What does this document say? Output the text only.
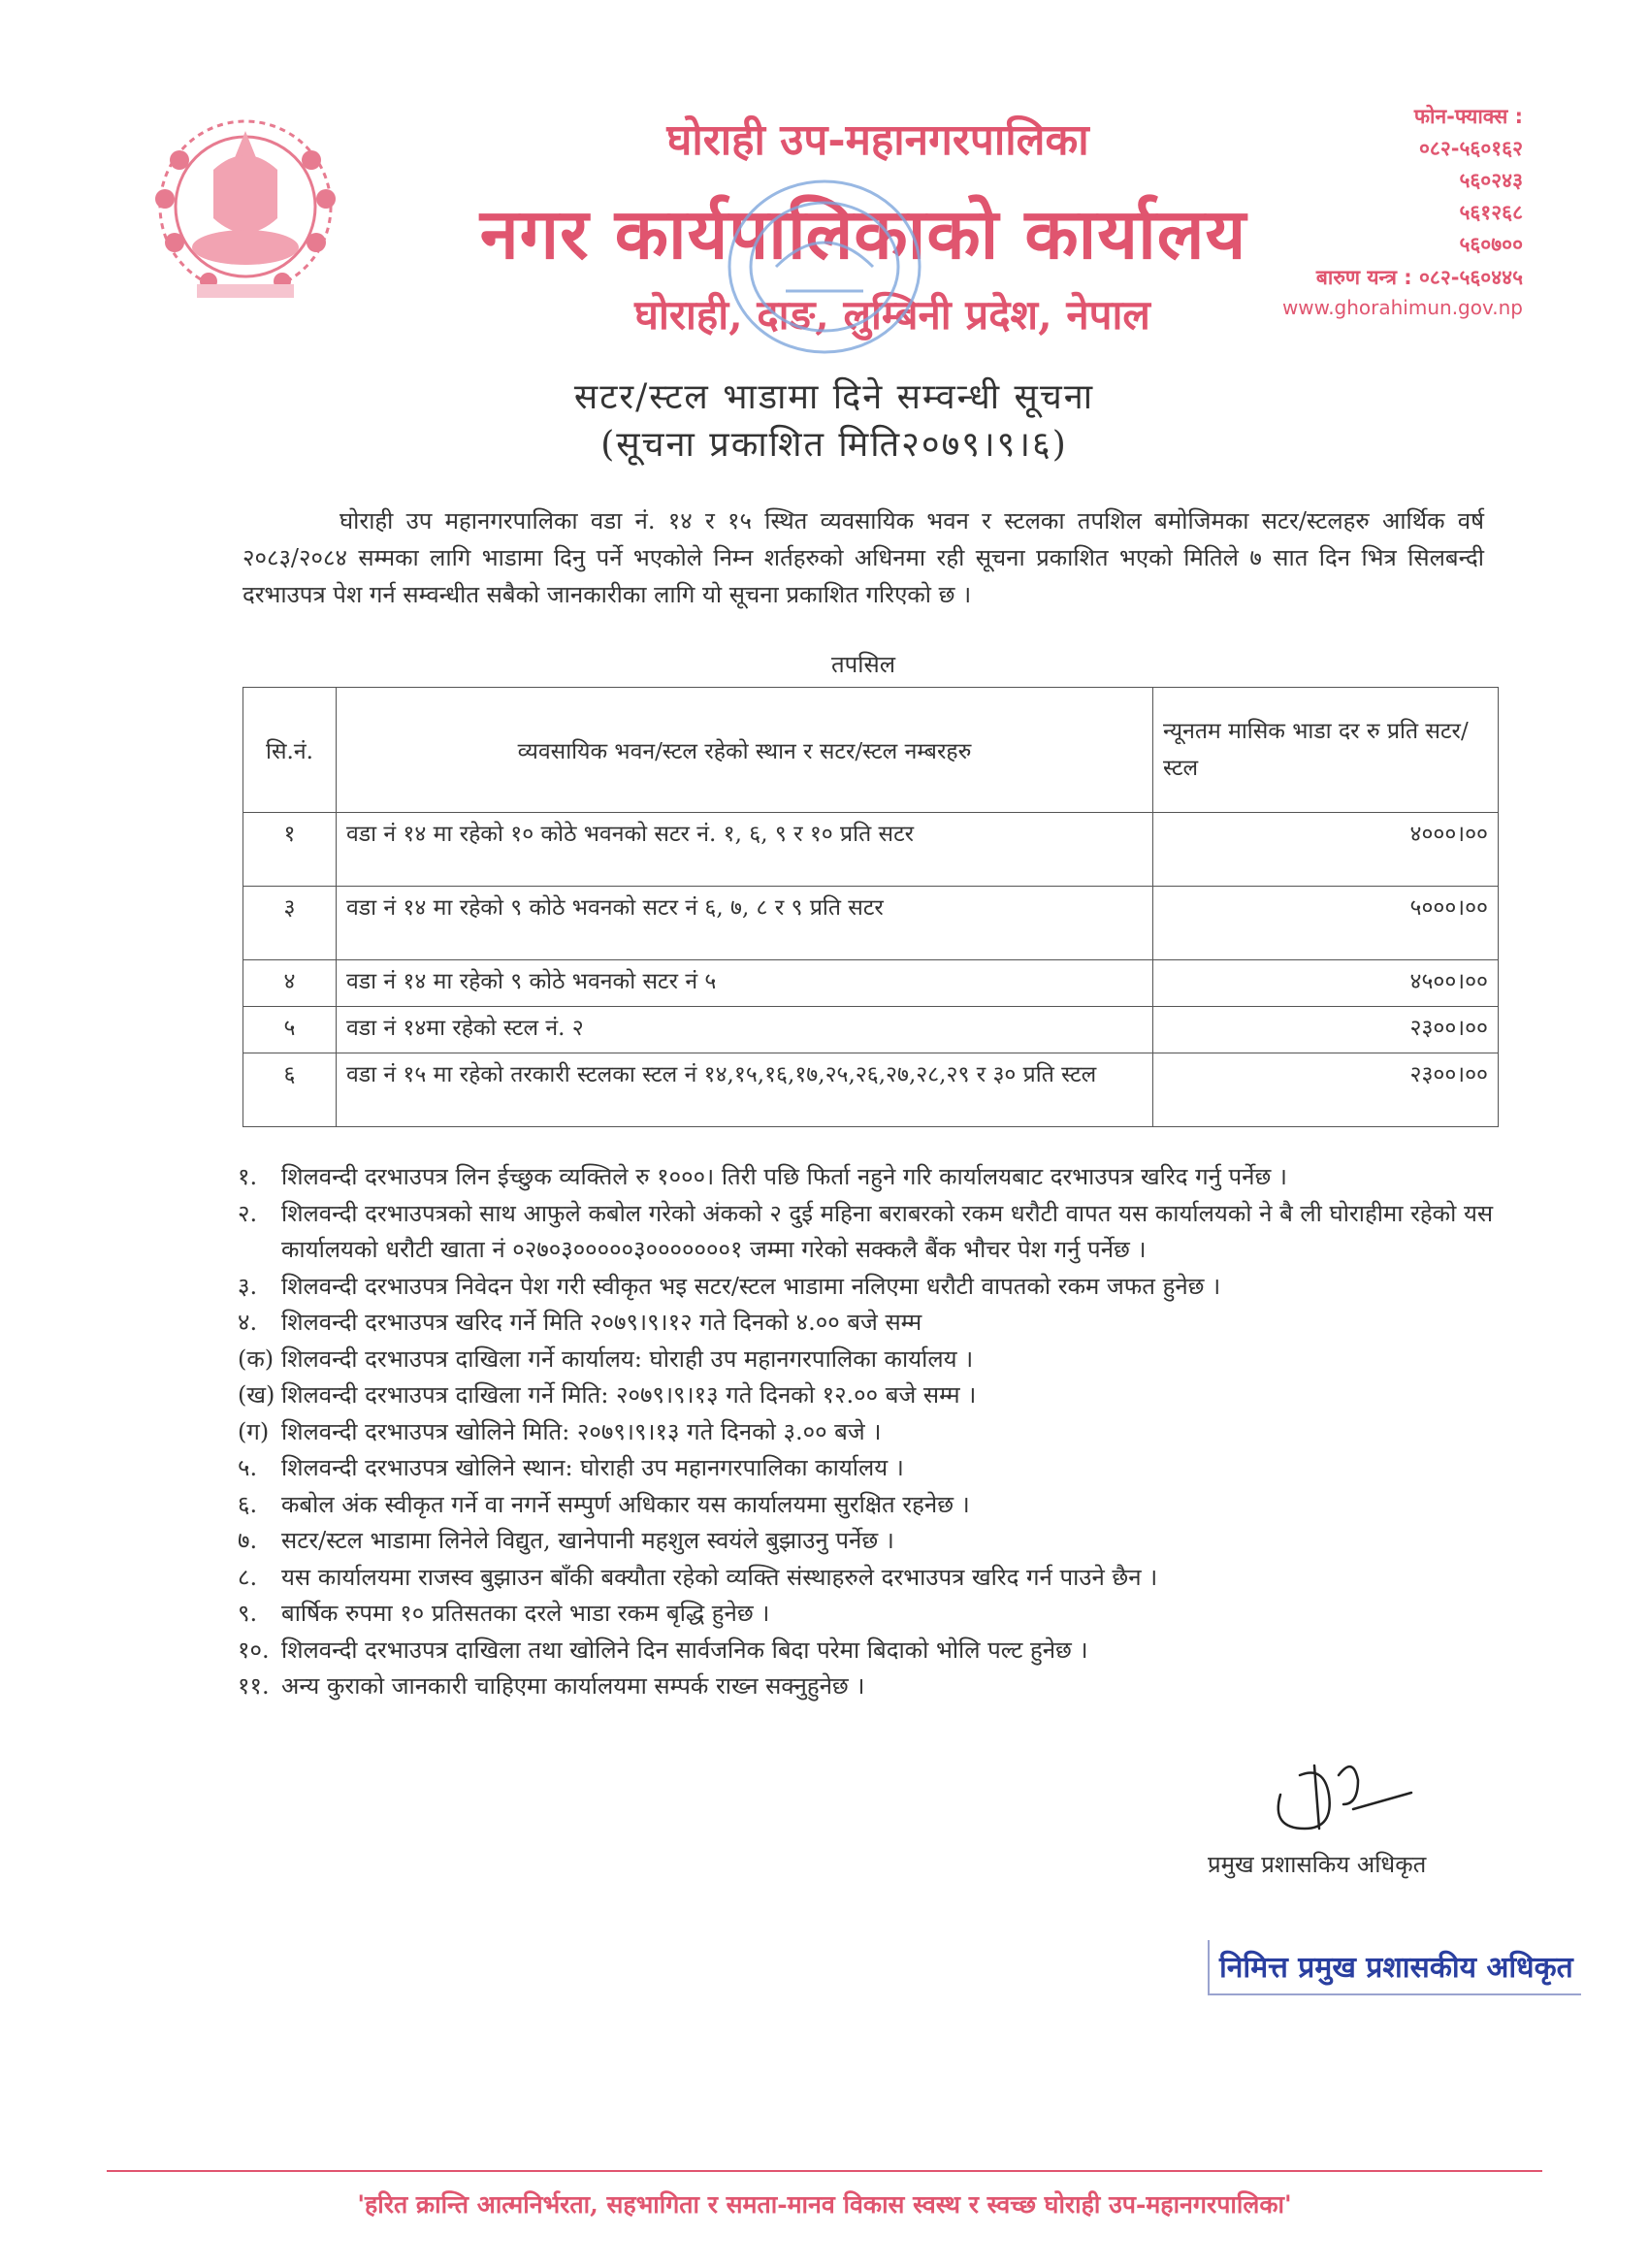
घोराही उप-महानगरपालिका
नगर कार्यपालिकाको कार्यालय
घोराही, दाङ, लुम्बिनी प्रदेश, नेपाल
फोन-फ्याक्स :
०८२-५६०१६२
५६०२४३
५६१२६८
५६०७००
बारुण यन्त्र : ०८२-५६०४४५
www.ghorahimun.gov.np
सटर/स्टल भाडामा दिने सम्वन्धी सूचना
(सूचना प्रकाशित मिति२०७९।९।६)
घोराही उप महानगरपालिका वडा नं. १४ र १५ स्थित व्यवसायिक भवन र स्टलका तपशिल बमोजिमका सटर/स्टलहरु आर्थिक वर्ष २०८३/२०८४ सम्मका लागि भाडामा दिनु पर्ने भएकोले निम्न शर्तहरुको अधिनमा रही सूचना प्रकाशित भएको मितिले ७ सात दिन भित्र सिलबन्दी दरभाउपत्र पेश गर्न सम्वन्धीत सबैको जानकारीका लागि यो सूचना प्रकाशित गरिएको छ ।
तपसिल
सि.नं.	व्यवसायिक भवन/स्टल रहेको स्थान र सटर/स्टल नम्बरहरु	न्यूनतम मासिक भाडा दर रु प्रति सटर/स्टल
१	वडा नं १४ मा रहेको १० कोठे भवनको सटर नं. १, ६, ९ र १० प्रति सटर	४०००।००
३	वडा नं १४ मा रहेको ९ कोठे भवनको सटर नं ६, ७, ८ र ९ प्रति सटर	५०००।००
४	वडा नं १४ मा रहेको ९ कोठे भवनको सटर नं ५	४५००।००
५	वडा नं १४मा रहेको स्टल नं. २	२३००।००
६	वडा नं १५ मा रहेको तरकारी स्टलका स्टल नं १४,१५,१६,१७,२५,२६,२७,२८,२९ र ३० प्रति स्टल	२३००।००
१.	शिलवन्दी दरभाउपत्र लिन ईच्छुक व्यक्तिले रु १०००। तिरी पछि फिर्ता नहुने गरि कार्यालयबाट दरभाउपत्र खरिद गर्नु पर्नेछ ।
२.	शिलवन्दी दरभाउपत्रको साथ आफुले कबोल गरेको अंकको २ दुई महिना बराबरको रकम धरौटी वापत यस कार्यालयको ने बै ली घोराहीमा रहेको यस कार्यालयको धरौटी खाता नं ०२७०३०००००३०००००००१ जम्मा गरेको सक्कलै बैंक भौचर पेश गर्नु पर्नेछ ।
३.	शिलवन्दी दरभाउपत्र निवेदन पेश गरी स्वीकृत भइ सटर/स्टल भाडामा नलिएमा धरौटी वापतको रकम जफत हुनेछ ।
४.	शिलवन्दी दरभाउपत्र खरिद गर्ने मिति २०७९।९।१२ गते दिनको ४.०० बजे सम्म
(क) शिलवन्दी दरभाउपत्र दाखिला गर्ने कार्यालय: घोराही उप महानगरपालिका कार्यालय ।
(ख) शिलवन्दी दरभाउपत्र दाखिला गर्ने मिति: २०७९।९।१३ गते दिनको १२.०० बजे सम्म ।
(ग) शिलवन्दी दरभाउपत्र खोलिने मिति: २०७९।९।१३ गते दिनको ३.०० बजे ।
५.	शिलवन्दी दरभाउपत्र खोलिने स्थान: घोराही उप महानगरपालिका कार्यालय ।
६.	कबोल अंक स्वीकृत गर्ने वा नगर्ने सम्पुर्ण अधिकार यस कार्यालयमा सुरक्षित रहनेछ ।
७.	सटर/स्टल भाडामा लिनेले विद्युत, खानेपानी महशुल स्वयंले बुझाउनु पर्नेछ ।
८.	यस कार्यालयमा राजस्व बुझाउन बाँकी बक्यौता रहेको व्यक्ति संस्थाहरुले दरभाउपत्र खरिद गर्न पाउने छैन ।
९.	बार्षिक रुपमा १० प्रतिसतका दरले भाडा रकम बृद्धि हुनेछ ।
१०. शिलवन्दी दरभाउपत्र दाखिला तथा खोलिने दिन सार्वजनिक बिदा परेमा बिदाको भोलि पल्ट हुनेछ ।
११. अन्य कुराको जानकारी चाहिएमा कार्यालयमा सम्पर्क राख्न सक्नुहुनेछ ।
प्रमुख प्रशासकिय अधिकृत
निमित्त प्रमुख प्रशासकीय अधिकृत
'हरित क्रान्ति आत्मनिर्भरता, सहभागिता र समता-मानव विकास स्वस्थ र स्वच्छ घोराही उप-महानगरपालिका'
